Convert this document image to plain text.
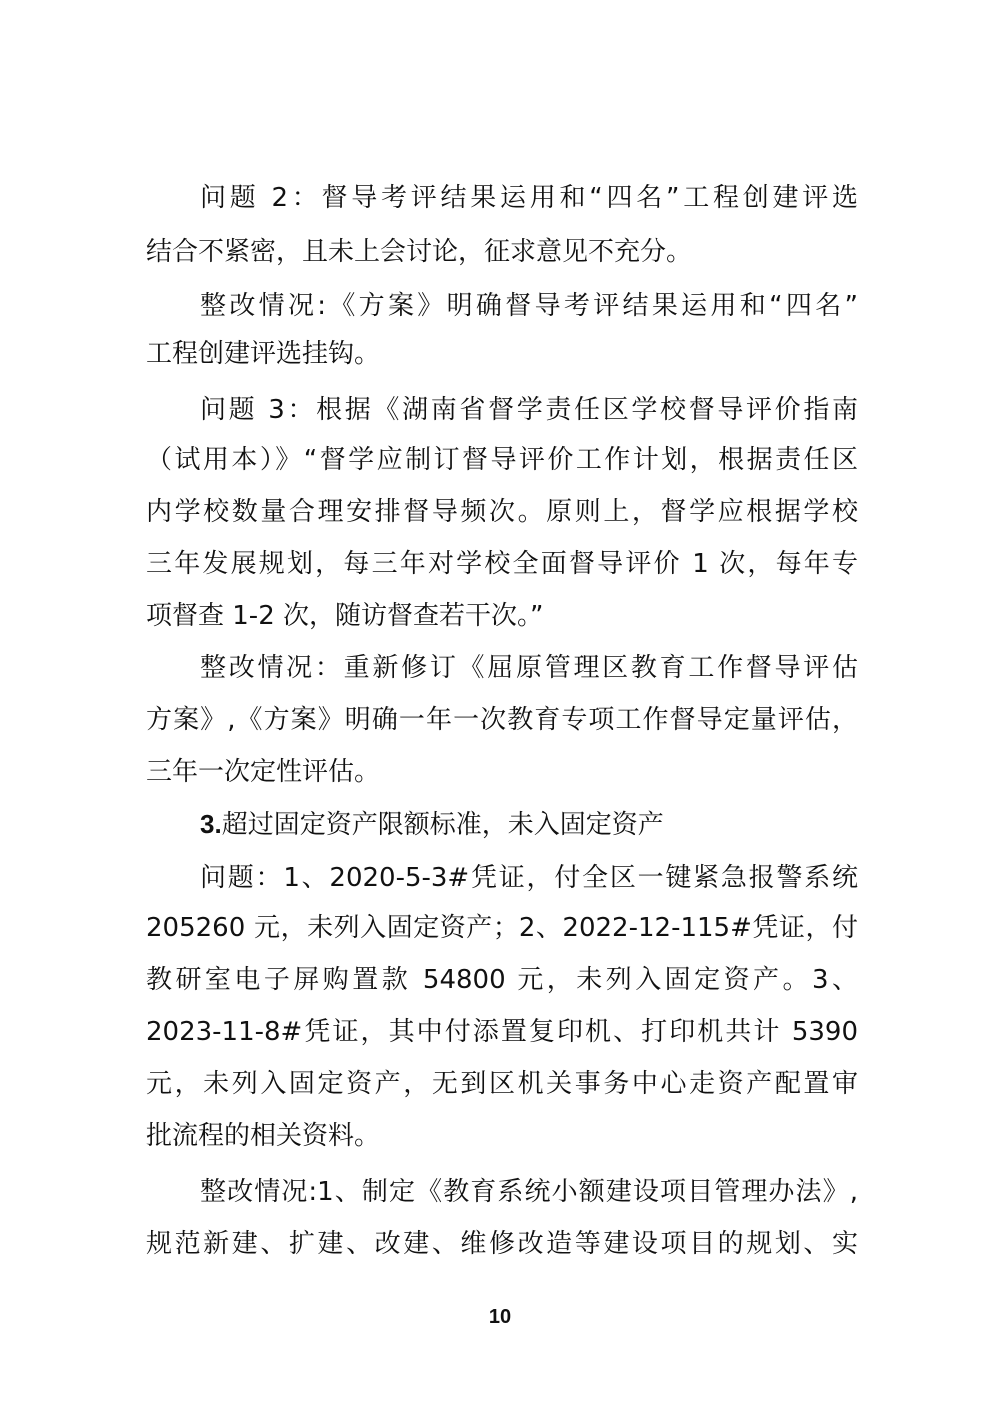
问题 2：督导考评结果运用和“四名”工程创建评选
结合不紧密，且未上会讨论，征求意见不充分。
整改情况:《方案》明确督导考评结果运用和“四名”
工程创建评选挂钩。
问题 3：根据《湖南省督学责任区学校督导评价指南
（试用本）》“督学应制订督导评价工作计划，根据责任区
内学校数量合理安排督导频次。原则上，督学应根据学校
三年发展规划，每三年对学校全面督导评价 1 次，每年专
项督查 1-2 次，随访督查若干次。”
整改情况：重新修订《屈原管理区教育工作督导评估
方案》,《方案》明确一年一次教育专项工作督导定量评估，
三年一次定性评估。
3.超过固定资产限额标准，未入固定资产
问题：1、2020-5-3#凭证，付全区一键紧急报警系统
205260 元，未列入固定资产；2、2022-12-115#凭证，付
教研室电子屏购置款 54800 元，未列入固定资产。3、
2023-11-8#凭证，其中付添置复印机、打印机共计 5390
元，未列入固定资产，无到区机关事务中心走资产配置审
批流程的相关资料。
整改情况:1、制定《教育系统小额建设项目管理办法》,
规范新建、扩建、改建、维修改造等建设项目的规划、实
10
